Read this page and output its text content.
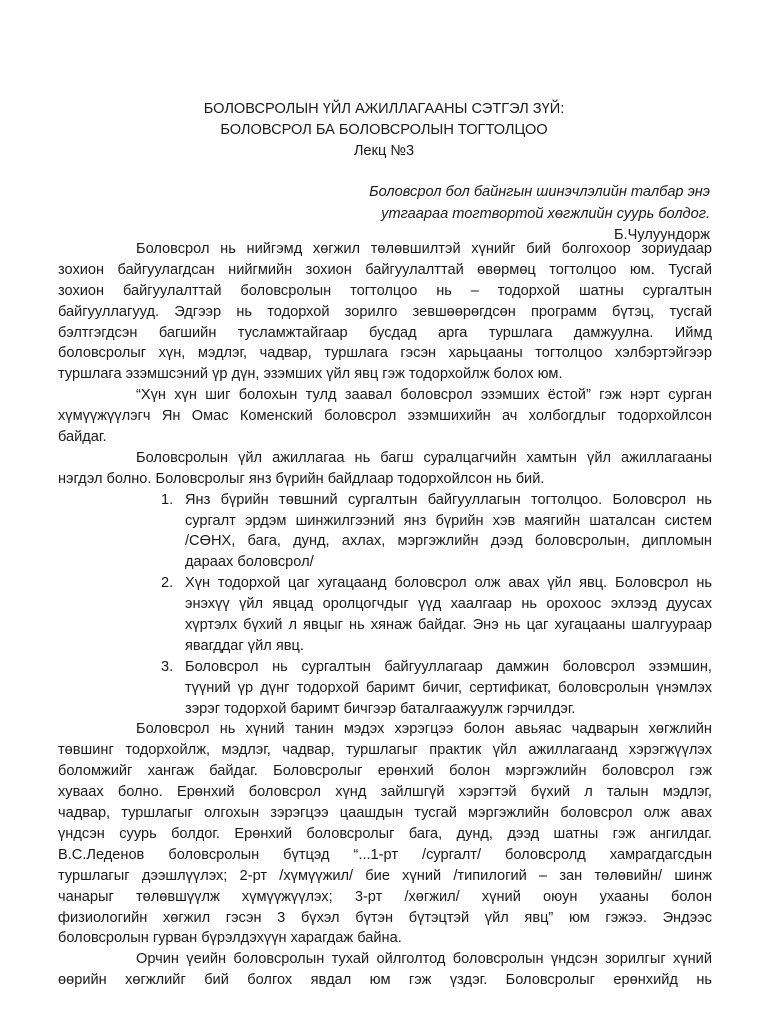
БОЛОВСРОЛЫН ҮЙЛ АЖИЛЛАГААНЫ СЭТГЭЛ ЗҮЙ:
БОЛОВСРОЛ БА БОЛОВСРОЛЫН ТОГТОЛЦОО
Лекц №3
Боловсрол бол байнгын шинэчлэлийн талбар энэ
утгаараа тогтвортой хөгжлийн суурь болдог.
Б.Чулуундорж
Боловсрол нь нийгэмд хөгжил төлөвшилтэй хүнийг бий болгохоор зориудаар
зохион байгуулагдсан нийгмийн зохион байгуулалттай өвөрмөц тогтолцоо юм. Тусгай
зохион байгуулалттай боловсролын тогтолцоо нь – тодорхой шатны сургалтын
байгууллагууд. Эдгээр нь тодорхой зорилго зевшөөрөгдсөн программ бүтэц, тусгай
бэлтгэгдсэн багшийн тусламжтайгаар бусдад арга туршлага дамжуулна. Иймд
боловсролыг хүн, мэдлэг, чадвар, туршлага гэсэн харьцааны тогтолцоо хэлбэртэйгээр
туршлага эзэмшсэний үр дүн, эзэмших үйл явц гэж тодорхойлж болох юм.
“Хүн хүн шиг болохын тулд заавал боловсрол эзэмших ёстой” гэж нэрт сурган
хүмүүжүүлэгч Ян Омас Коменский боловсрол эзэмшихийн ач холбогдлыг тодорхойлсон
байдаг.
Боловсролын үйл ажиллагаа нь багш суралцагчийн хамтын үйл ажиллагааны
нэгдэл болно. Боловсролыг янз бүрийн байдлаар тодорхойлсон нь бий.
1. Янз бүрийн төвшний сургалтын байгууллагын тогтолцоо. Боловсрол нь
сургалт эрдэм шинжилгээний янз бүрийн хэв маягийн шаталсан систем
/СӨНХ, бага, дунд, ахлах, мэргэжлийн дээд боловсролын, дипломын
дараах боловсрол/
2. Хүн тодорхой цаг хугацаанд боловсрол олж авах үйл явц. Боловсрол нь
энэхүү үйл явцад оролцогчдыг үүд хаалгаар нь орохоос эхлээд дуусах
хүртэлх бүхий л явцыг нь хянаж байдаг. Энэ нь цаг хугацааны шалгуураар
явагддаг үйл явц.
3. Боловсрол нь сургалтын байгууллагаар дамжин боловсрол эзэмшин,
түүний үр дүнг тодорхой баримт бичиг, сертификат, боловсролын үнэмлэх
зэрэг тодорхой баримт бичгээр баталгаажуулж гэрчилдэг.
Боловсрол нь хүний танин мэдэх хэрэгцээ болон авьяас чадварын хөгжлийн
төвшинг тодорхойлж, мэдлэг, чадвар, туршлагыг практик үйл ажиллагаанд хэрэгжүүлэх
боломжийг хангаж байдаг. Боловсролыг ерөнхий болон мэргэжлийн боловсрол гэж
хуваах болно. Ерөнхий боловсрол хүнд зайлшгүй хэрэгтэй бүхий л талын мэдлэг,
чадвар, туршлагыг олгохын зэрэгцээ цаашдын тусгай мэргэжлийн боловсрол олж авах
үндсэн суурь болдог. Ерөнхий боловсролыг бага, дунд, дээд шатны гэж ангилдаг.
В.С.Леденов боловсролын бүтцэд “...1-рт /сургалт/ боловсролд хамрагдагсдын
туршлагыг дээшлүүлэх; 2-рт /хүмүүжил/ бие хүний /типилогий – зан төлөвийн/ шинж
чанарыг төлөвшүүлж хүмүүжүүлэх; 3-рт /хөгжил/ хүний оюун ухааны болон
физиологийн хөгжил гэсэн 3 бүхэл бүтэн бүтэцтэй үйл явц” юм гэжээ. Эндээс
боловсролын гурван бүрэлдэхүүн харагдаж байна.
Орчин үеийн боловсролын тухай ойлголтод боловсролын үндсэн зорилгыг хүний
өөрийн хөгжлийг бий болгох явдал юм гэж үздэг. Боловсролыг ерөнхийд нь
